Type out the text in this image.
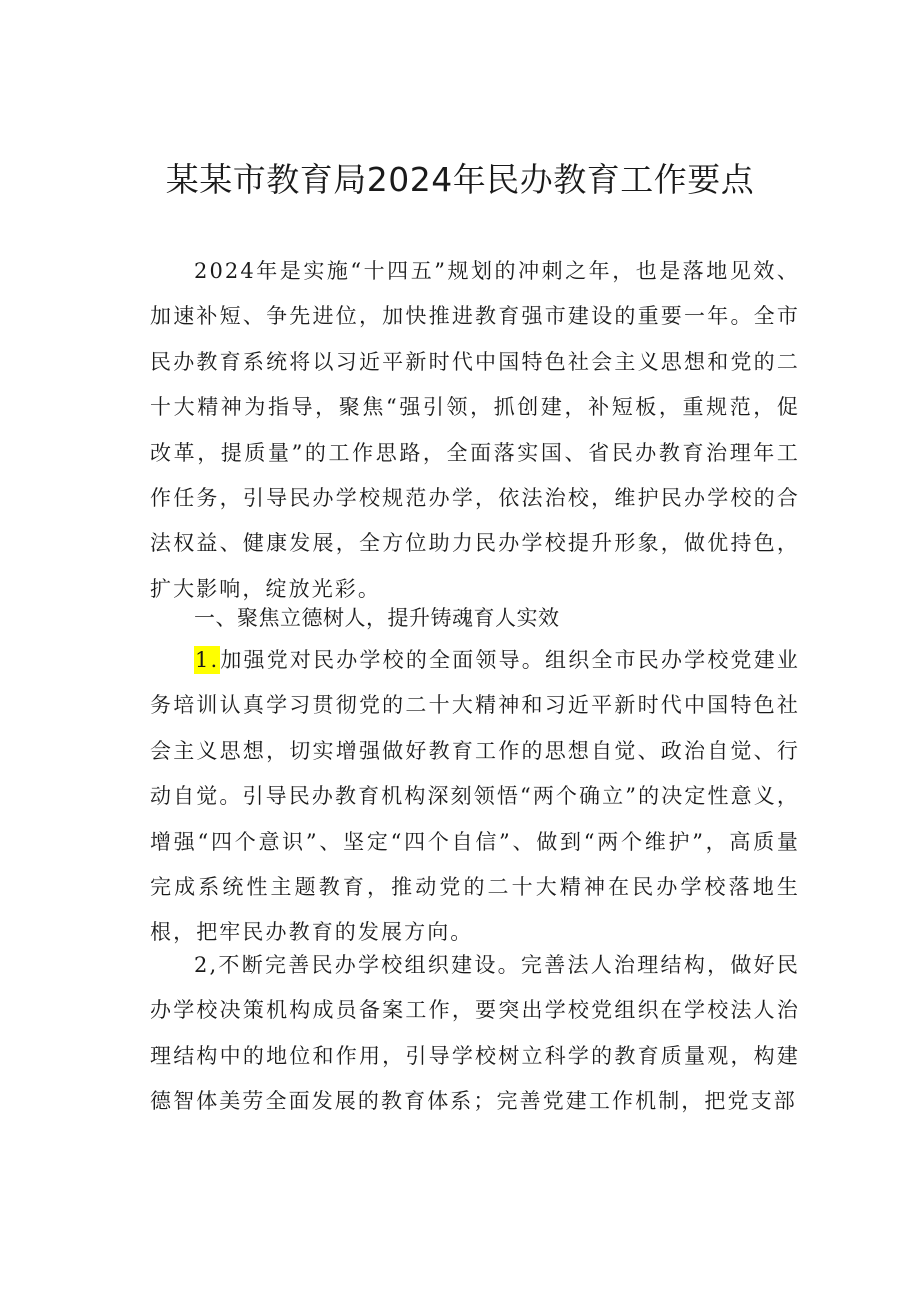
某某市教育局2024年民办教育工作要点

2024年是实施“十四五”规划的冲刺之年，也是落地见效、加速补短、争先进位，加快推进教育强市建设的重要一年。全市民办教育系统将以习近平新时代中国特色社会主义思想和党的二十大精神为指导，聚焦“强引领，抓创建，补短板，重规范，促改革，提质量”的工作思路，全面落实国、省民办教育治理年工作任务，引导民办学校规范办学，依法治校，维护民办学校的合法权益、健康发展，全方位助力民办学校提升形象，做优持色，扩大影响，绽放光彩。

一、聚焦立德树人，提升铸魂育人实效

1.加强党对民办学校的全面领导。组织全市民办学校党建业务培训认真学习贯彻党的二十大精神和习近平新时代中国特色社会主义思想，切实增强做好教育工作的思想自觉、政治自觉、行动自觉。引导民办教育机构深刻领悟“两个确立”的决定性意义，增强“四个意识”、坚定“四个自信”、做到“两个维护”，高质量完成系统性主题教育，推动党的二十大精神在民办学校落地生根，把牢民办教育的发展方向。

2,不断完善民办学校组织建设。完善法人治理结构，做好民办学校决策机构成员备案工作，要突出学校党组织在学校法人治理结构中的地位和作用，引导学校树立科学的教育质量观，构建德智体美劳全面发展的教育体系；完善党建工作机制，把党支部
